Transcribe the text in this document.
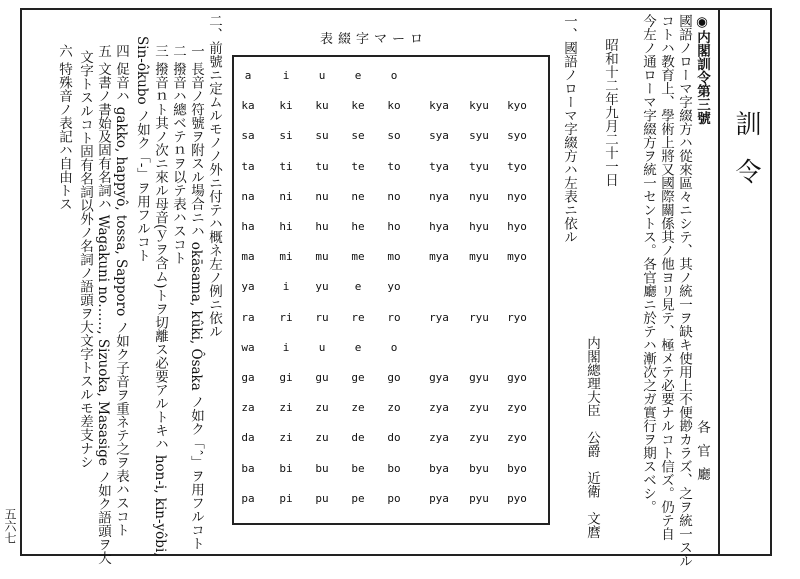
五六七
訓令
◉内閣訓令第三號
各官廳
國語ノローマ字綴方ハ從來區々ニシテ、其ノ統一ヲ缺キ使用上不便尠カラズ、之ヲ統一スル
コトハ教育上、學術上將又國際關係其ノ他ヨリ見テ、極メテ必要ナルコト信ズ。仍テ自
今左ノ通ローマ字綴方ヲ統一セントス。各官廳ニ於テハ漸次之ガ實行ヲ期スベシ。
昭和十二年九月二十一日
内閣總理大臣　公爵　近衛　文麿
一、國語ノローマ字綴方ハ左表ニ依ル
表綴字マーロ
a	i	u	e	o
ka ki ku ke ko	kya kyu kyo
sa si su se so	sya syu syo
ta ti tu te to	tya tyu tyo
na ni nu ne no	nya nyu nyo
ha hi hu he ho	hya hyu hyo
ma mi mu me mo	mya myu myo
ya	i yu e yo
ra ri ru re ro	rya ryu ryo
wa	i	u	e	o
ga gi gu ge go	gya gyu gyo
za zi zu ze zo	zya zyu zyo
da zi zu de do	zya zyu zyo
ba bi bu be bo	bya byu byo
pa pi pu pe po	pya pyu pyo
二、前號ニ定ムルモノノ外ニ付テハ概ネ左ノ例ニ依ル
一
長音ノ符號ヲ附スル場合ニハ okāsama, kûki, Ôsaka ノ如ク「ˆ」ヲ用フルコト
二
撥音ハ總ベテｎヲ以テ表ハスコト
三
撥音ｎト其ノ次ニ來ル母音(ｙヲ含ム)トヲ切離ス必要アルトキハ hon-i, kin-yôbi,
Sin-ôkubo ノ如ク「-」ヲ用フルコト
四
促音ハ gakko, happyô, tossa, Sapporo ノ如ク子音ヲ重ネテ之ヲ表ハスコト
五
文書ノ書始及固有名詞ハ Wagakuni no……, Sizuoka, Masasige ノ如ク語頭ヲ大
文字トスルコト固有名詞以外ノ名詞ノ語頭ヲ大文字トスルモ差支ナシ
六
特殊音ノ表記ハ自由トス
